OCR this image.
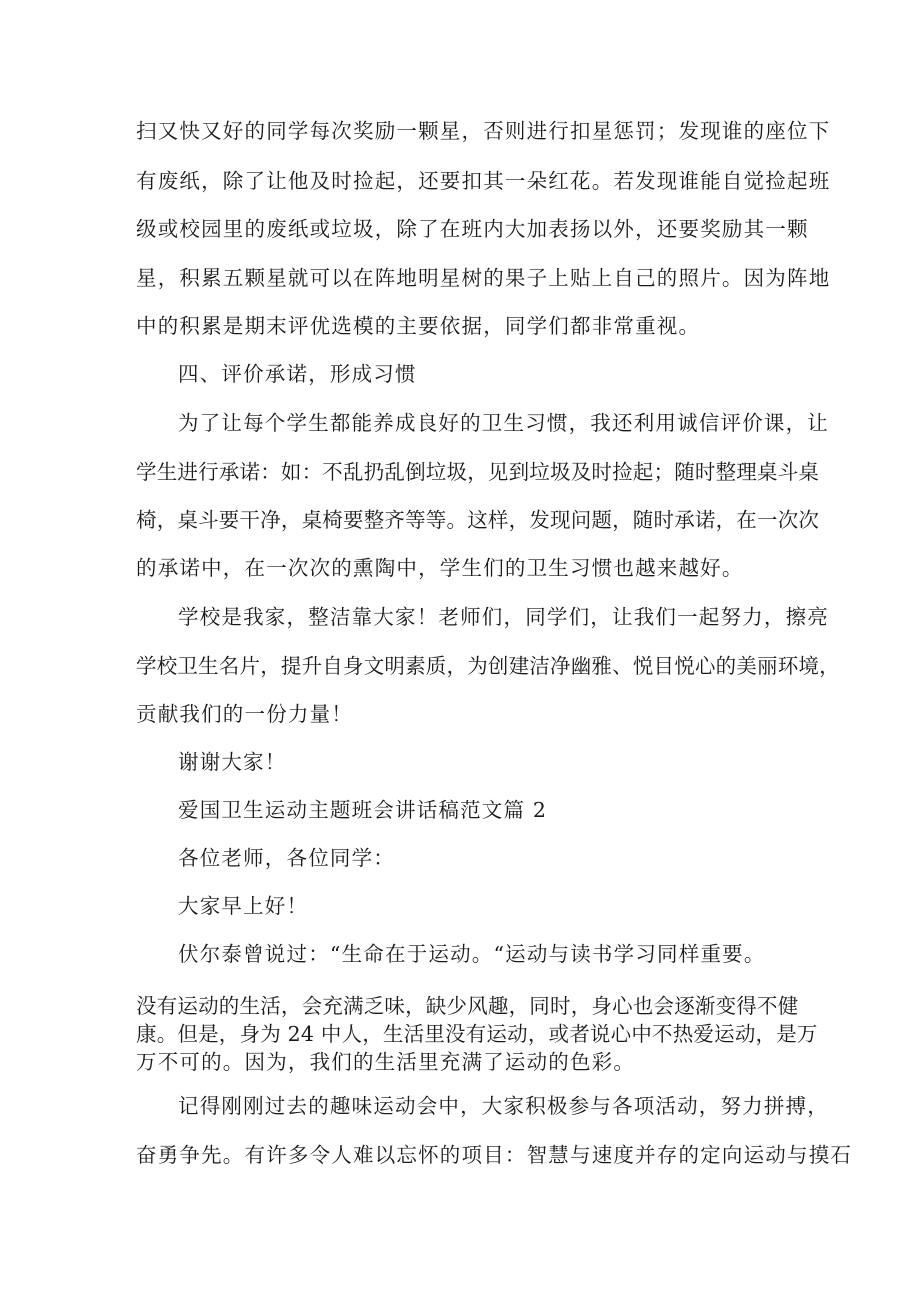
扫又快又好的同学每次奖励一颗星，否则进行扣星惩罚；发现谁的座位下
有废纸，除了让他及时捡起，还要扣其一朵红花。若发现谁能自觉捡起班
级或校园里的废纸或垃圾，除了在班内大加表扬以外，还要奖励其一颗
星，积累五颗星就可以在阵地明星树的果子上贴上自己的照片。因为阵地
中的积累是期末评优选模的主要依据，同学们都非常重视。
四、评价承诺，形成习惯
为了让每个学生都能养成良好的卫生习惯，我还利用诚信评价课，让
学生进行承诺：如：不乱扔乱倒垃圾，见到垃圾及时捡起；随时整理桌斗桌
椅，桌斗要干净，桌椅要整齐等等。这样，发现问题，随时承诺，在一次次
的承诺中，在一次次的熏陶中，学生们的卫生习惯也越来越好。
学校是我家，整洁靠大家！老师们，同学们，让我们一起努力，擦亮
学校卫生名片，提升自身文明素质，为创建洁净幽雅、悦目悦心的美丽环境，
贡献我们的一份力量！
谢谢大家！
爱国卫生运动主题班会讲话稿范文篇 2
各位老师，各位同学：
大家早上好！
伏尔泰曾说过：“生命在于运动。“运动与读书学习同样重要。
没有运动的生活，会充满乏味，缺少风趣，同时，身心也会逐渐变得不健
康。但是，身为 24 中人，生活里没有运动，或者说心中不热爱运动，是万
万不可的。因为，我们的生活里充满了运动的色彩。
记得刚刚过去的趣味运动会中，大家积极参与各项活动，努力拼搏，
奋勇争先。有许多令人难以忘怀的项目：智慧与速度并存的定向运动与摸石
